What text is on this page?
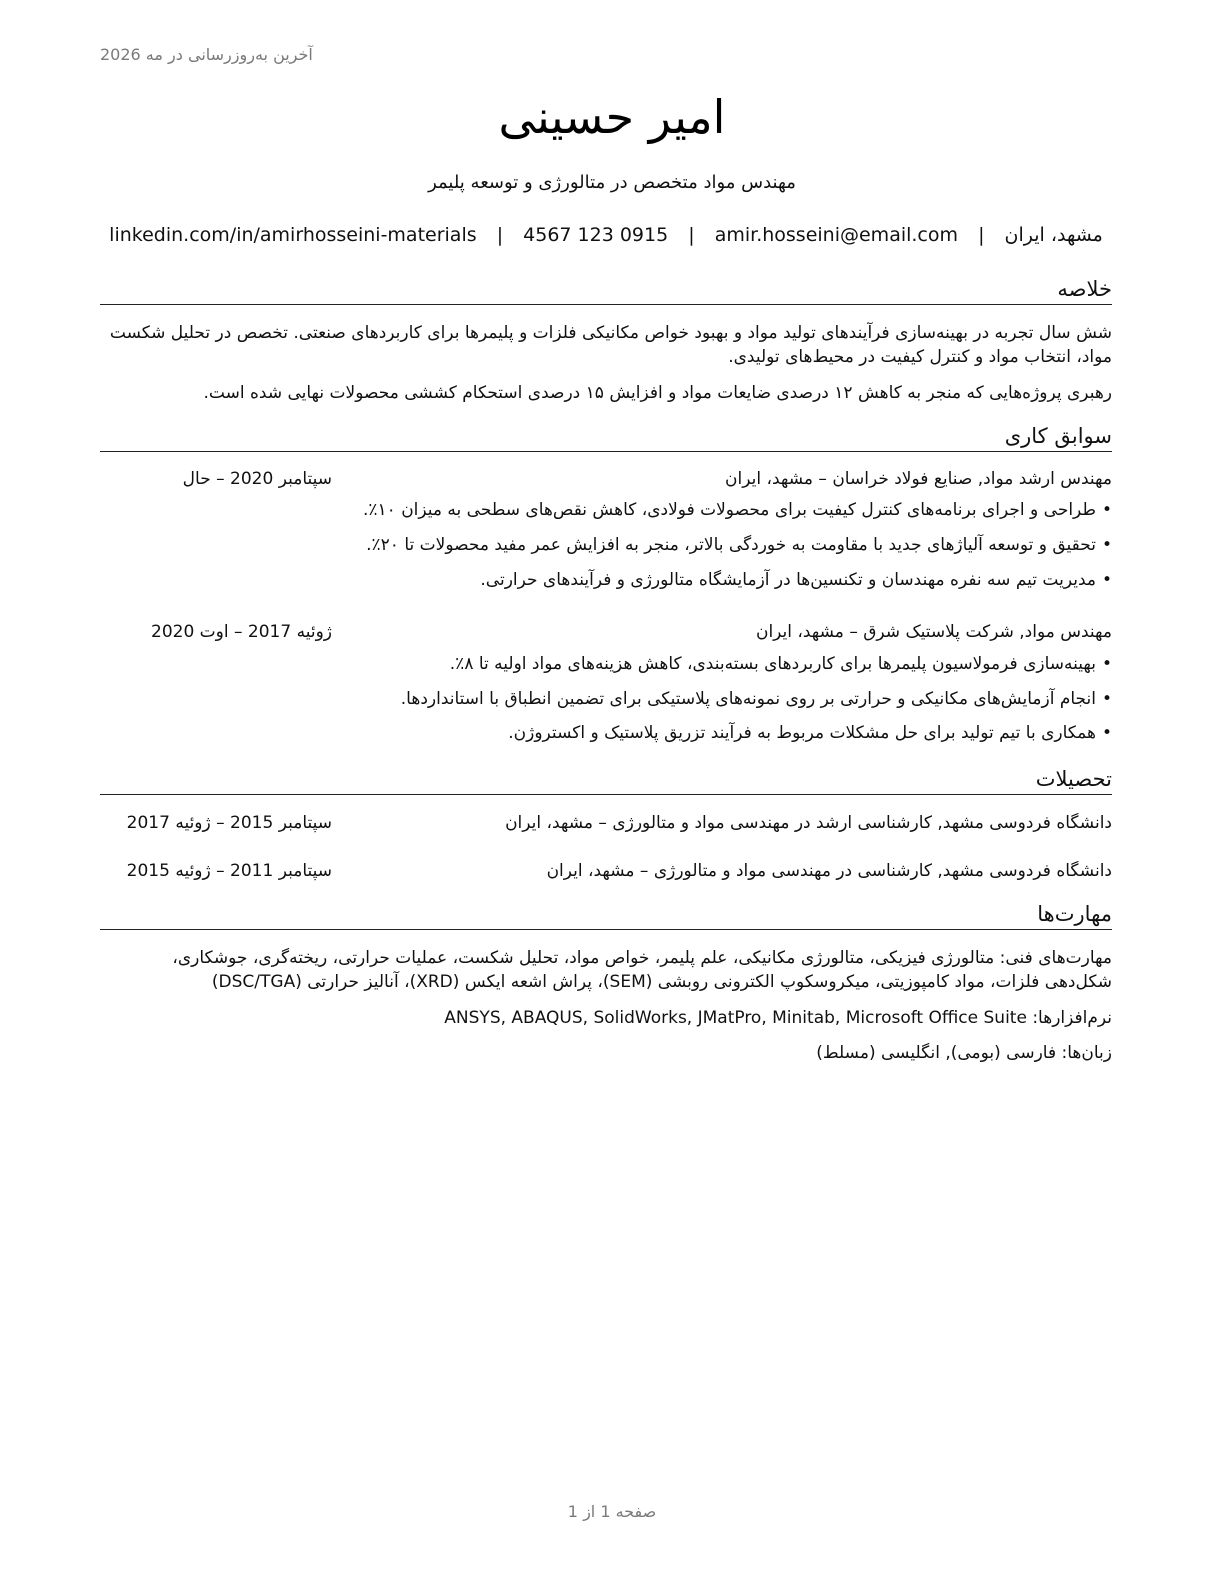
آخرین به‌روزرسانی در مه 2026
امیر حسینی
مهندس مواد متخصص در متالورژی و توسعه پلیمر
مشهد، ایران | amir.hosseini@email.com | 4567 123 0915 | linkedin.com/in/amirhosseini-materials
خلاصه
شش سال تجربه در بهینه‌سازی فرآیندهای تولید مواد و بهبود خواص مکانیکی فلزات و پلیمرها برای کاربردهای صنعتی. تخصص در تحلیل شکست مواد، انتخاب مواد و کنترل کیفیت در محیط‌های تولیدی.
رهبری پروژه‌هایی که منجر به کاهش ۱۲ درصدی ضایعات مواد و افزایش ۱۵ درصدی استحکام کششی محصولات نهایی شده است.
سوابق کاری
مهندس ارشد مواد, صنایع فولاد خراسان – مشهد، ایران
سپتامبر 2020 – حال
•طراحی و اجرای برنامه‌های کنترل کیفیت برای محصولات فولادی، کاهش نقص‌های سطحی به میزان ۱۰٪.
•تحقیق و توسعه آلیاژهای جدید با مقاومت به خوردگی بالاتر، منجر به افزایش عمر مفید محصولات تا ۲۰٪.
•مدیریت تیم سه نفره مهندسان و تکنسین‌ها در آزمایشگاه متالورژی و فرآیندهای حرارتی.
مهندس مواد, شرکت پلاستیک شرق – مشهد، ایران
ژوئیه 2017 – اوت 2020
•بهینه‌سازی فرمولاسیون پلیمرها برای کاربردهای بسته‌بندی، کاهش هزینه‌های مواد اولیه تا ۸٪.
•انجام آزمایش‌های مکانیکی و حرارتی بر روی نمونه‌های پلاستیکی برای تضمین انطباق با استانداردها.
•همکاری با تیم تولید برای حل مشکلات مربوط به فرآیند تزریق پلاستیک و اکستروژن.
تحصیلات
دانشگاه فردوسی مشهد, کارشناسی ارشد در مهندسی مواد و متالورژی – مشهد، ایران
سپتامبر 2015 – ژوئیه 2017
دانشگاه فردوسی مشهد, کارشناسی در مهندسی مواد و متالورژی – مشهد، ایران
سپتامبر 2011 – ژوئیه 2015
مهارت‌ها
مهارت‌های فنی: متالورژی فیزیکی، متالورژی مکانیکی، علم پلیمر، خواص مواد، تحلیل شکست، عملیات حرارتی، ریخته‌گری، جوشکاری، شکل‌دهی فلزات، مواد کامپوزیتی، میکروسکوپ الکترونی روبشی (SEM)، پراش اشعه ایکس (XRD)، آنالیز حرارتی (DSC/TGA)
نرم‌افزارها: ANSYS, ABAQUS, SolidWorks, JMatPro, Minitab, Microsoft Office Suite
زبان‌ها: فارسی (بومی), انگلیسی (مسلط)
صفحه 1 از 1
